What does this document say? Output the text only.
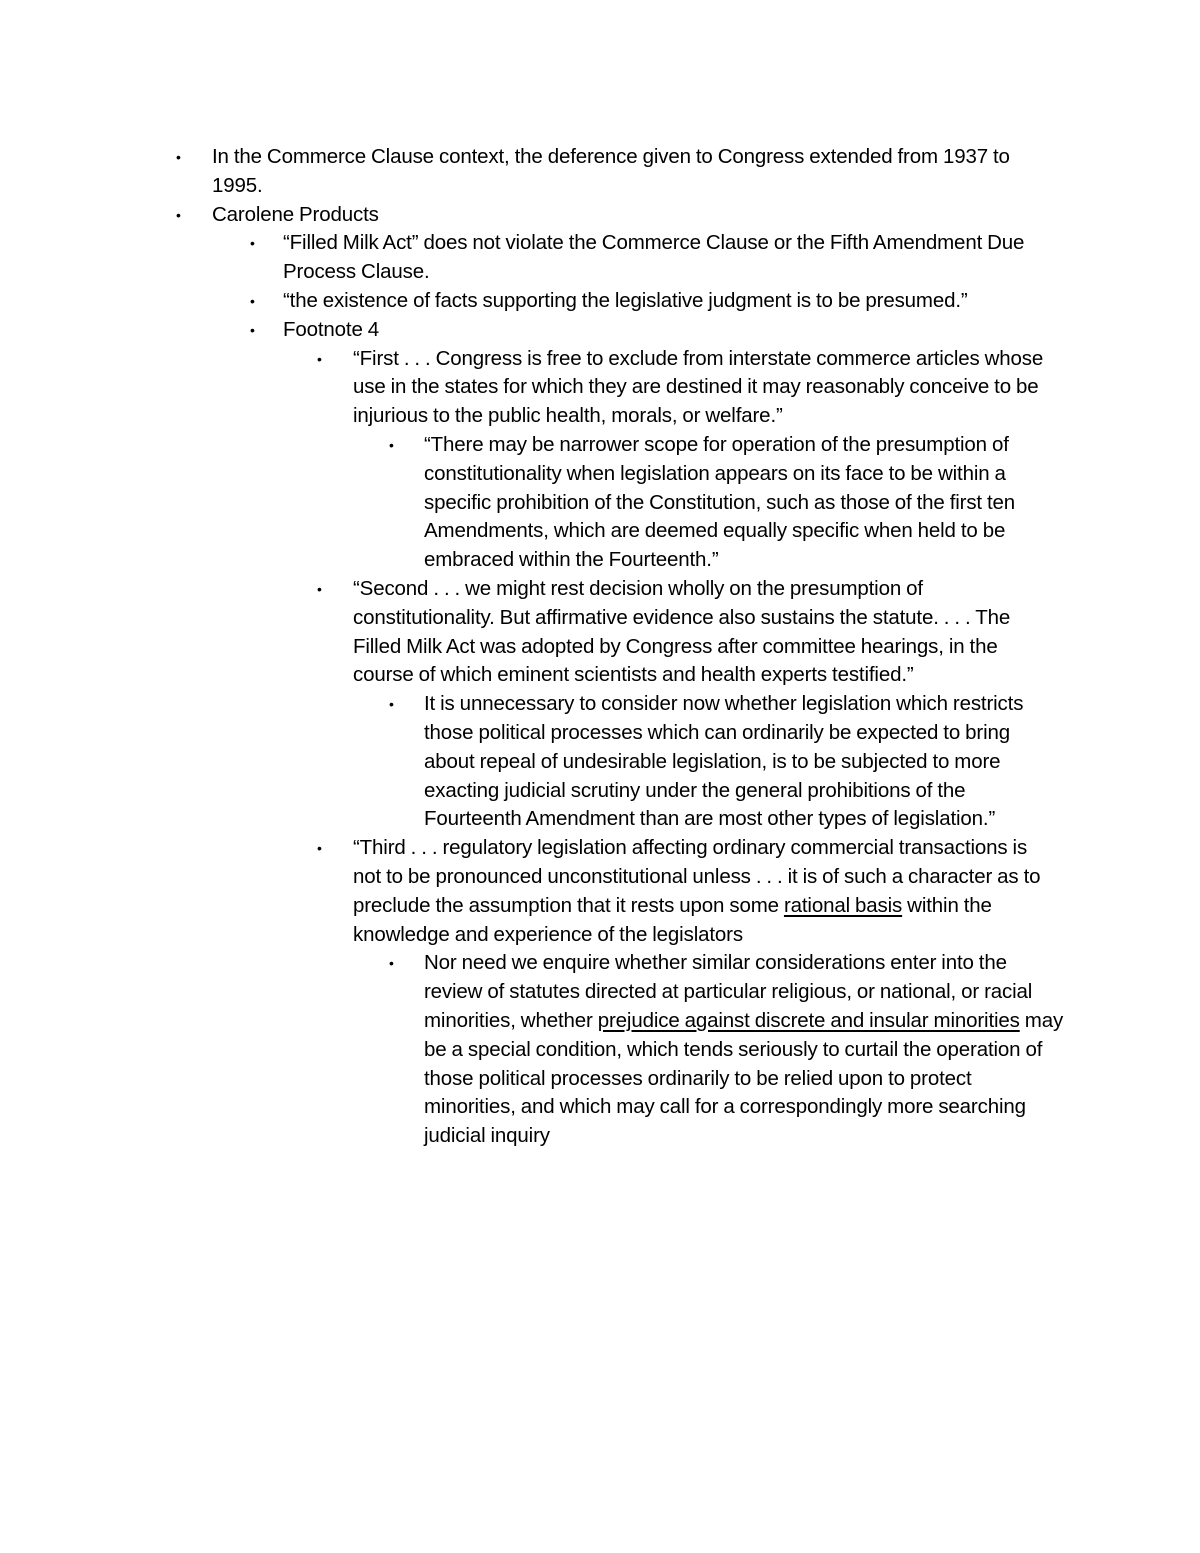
• In the Commerce Clause context, the deference given to Congress extended from 1937 to 1995.
• Carolene Products
• “Filled Milk Act” does not violate the Commerce Clause or the Fifth Amendment Due Process Clause.
• “the existence of facts supporting the legislative judgment is to be presumed.”
• Footnote 4
• “First . . . Congress is free to exclude from interstate commerce articles whose use in the states for which they are destined it may reasonably conceive to be injurious to the public health, morals, or welfare.”
• “There may be narrower scope for operation of the presumption of constitutionality when legislation appears on its face to be within a specific prohibition of the Constitution, such as those of the first ten Amendments, which are deemed equally specific when held to be embraced within the Fourteenth.”
• “Second . . . we might rest decision wholly on the presumption of constitutionality. But affirmative evidence also sustains the statute. . . . The Filled Milk Act was adopted by Congress after committee hearings, in the course of which eminent scientists and health experts testified.”
• It is unnecessary to consider now whether legislation which restricts those political processes which can ordinarily be expected to bring about repeal of undesirable legislation, is to be subjected to more exacting judicial scrutiny under the general prohibitions of the Fourteenth Amendment than are most other types of legislation.”
• “Third . . . regulatory legislation affecting ordinary commercial transactions is not to be pronounced unconstitutional unless . . . it is of such a character as to preclude the assumption that it rests upon some rational basis within the knowledge and experience of the legislators
• Nor need we enquire whether similar considerations enter into the review of statutes directed at particular religious, or national, or racial minorities, whether prejudice against discrete and insular minorities may be a special condition, which tends seriously to curtail the operation of those political processes ordinarily to be relied upon to protect minorities, and which may call for a correspondingly more searching judicial inquiry
